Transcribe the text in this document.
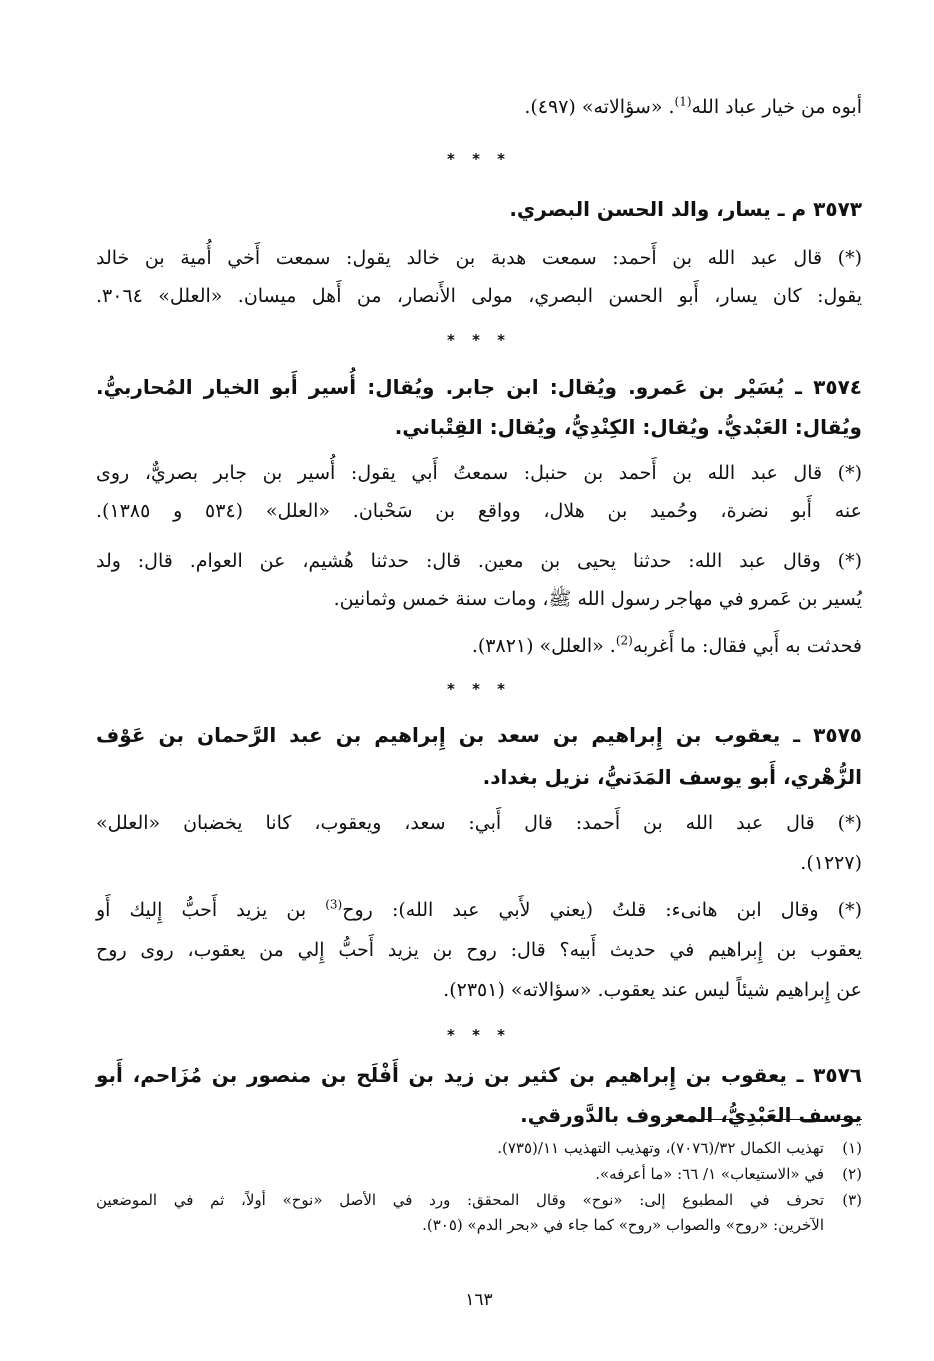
أبوه من خيار عباد الله$^{(1)}$. «سؤالاته» (٤٩٧).
* * *
٣٥٧٣ م ـ يسار، والد الحسن البصري.
(*) قال عبد الله بن أَحمد: سمعت هدبة بن خالد يقول: سمعت أَخي أُمية بن خالد
يقول: كان يسار، أَبو الحسن البصري، مولى الأَنصار، من أَهل ميسان. «العلل» ٣٠٦٤.
* * *
٣٥٧٤ ـ يُسَيْر بن عَمرو. ويُقال: ابن جابر. ويُقال: أُسير أَبو الخيار المُحاربيُّ.
ويُقال: العَبْديُّ. ويُقال: الكِنْدِيُّ، ويُقال: القِتْباني.
(*) قال عبد الله بن أَحمد بن حنبل: سمعتُ أَبي يقول: أُسير بن جابر بصريٌّ، روى
عنه أَبو نضرة، وحُميد بن هلال، وواقع بن سَحْبان. «العلل» (٥٣٤ و ١٣٨٥).
(*) وقال عبد الله: حدثنا يحيى بن معين. قال: حدثنا هُشيم، عن العوام. قال: ولد
يُسير بن عَمرو في مهاجر رسول الله ﷺ، ومات سنة خمس وثمانين.
فحدثت به أَبي فقال: ما أَغربه$^{(2)}$. «العلل» (٣٨٢١).
* * *
٣٥٧٥ ـ يعقوب بن إِبراهيم بن سعد بن إِبراهيم بن عبد الرَّحمان بن عَوْف
الزُّهْري، أَبو يوسف المَدَنيُّ، نزيل بغداد.
(*) قال عبد الله بن أَحمد: قال أَبي: سعد، ويعقوب، كانا يخضبان «العلل»
(١٢٢٧).
(*) وقال ابن هانىء: قلتُ (يعني لأَبي عبد الله): روح$^{(3)}$ بن يزيد أَحبُّ إِليك أَو
يعقوب بن إِبراهيم في حديث أَبيه؟ قال: روح بن يزيد أَحبُّ إِلي من يعقوب، روى روح
عن إِبراهيم شيئاً ليس عند يعقوب. «سؤالاته» (٢٣٥١).
* * *
٣٥٧٦ ـ يعقوب بن إِبراهيم بن كثير بن زيد بن أَفْلَح بن منصور بن مُزَاحم، أَبو
يوسف العَبْدِيُّ، المعروف بالدَّورقي.
(١)تهذيب الكمال ٣٢/(٧٠٧٦)، وتهذيب التهذيب ١١/(٧٣٥).
(٢)في «الاستيعاب» ١/ ٦٦: «ما أعرفه».
(٣)تحرف في المطبوع إلى: «نوح» وقال المحقق: ورد في الأصل «نوح» أولاً، ثم في الموضعين
الآخرين: «روح» والصواب «روح» كما جاء في «بحر الدم» (٣٠٥).
١٦٣
